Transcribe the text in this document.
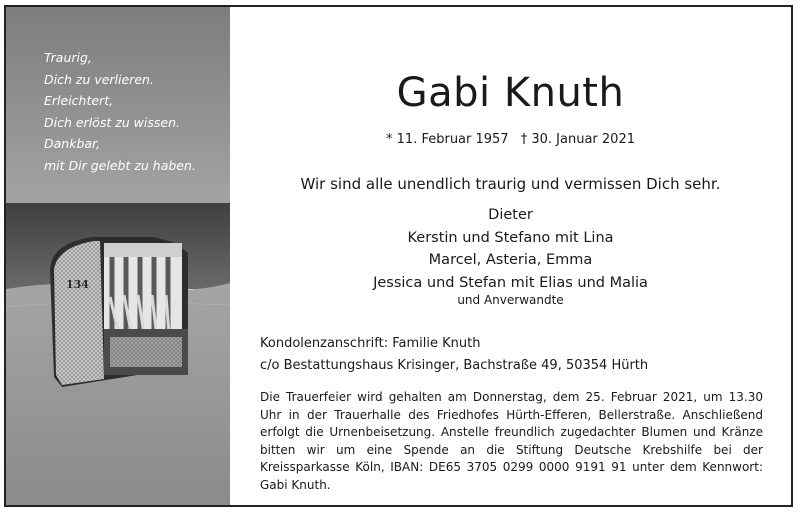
134
Traurig,
Dich zu verlieren.
Erleichtert,
Dich erlöst zu wissen.
Dankbar,
mit Dir gelebt zu haben.
Gabi Knuth
* 11. Februar 1957 † 30. Januar 2021
Wir sind alle unendlich traurig und vermissen Dich sehr.
Dieter
Kerstin und Stefano mit Lina
Marcel, Asteria, Emma
Jessica und Stefan mit Elias und Malia
und Anverwandte
Kondolenzanschrift: Familie Knuth
c/o Bestattungshaus Krisinger, Bachstraße 49, 50354 Hürth

Die Trauerfeier wird gehalten am Donnerstag, dem 25. Februar 2021, um 13.30 Uhr in der Trauerhalle des Friedhofes Hürth-Efferen, Bellerstraße. Anschließend erfolgt die Urnenbeisetzung. Anstelle freundlich zugedachter Blumen und Kränze bitten wir um eine Spende an die Stiftung Deutsche Krebshilfe bei der Kreissparkasse Köln, IBAN: DE65 3705 0299 0000 9191 91 unter dem Kennwort: Gabi Knuth.
